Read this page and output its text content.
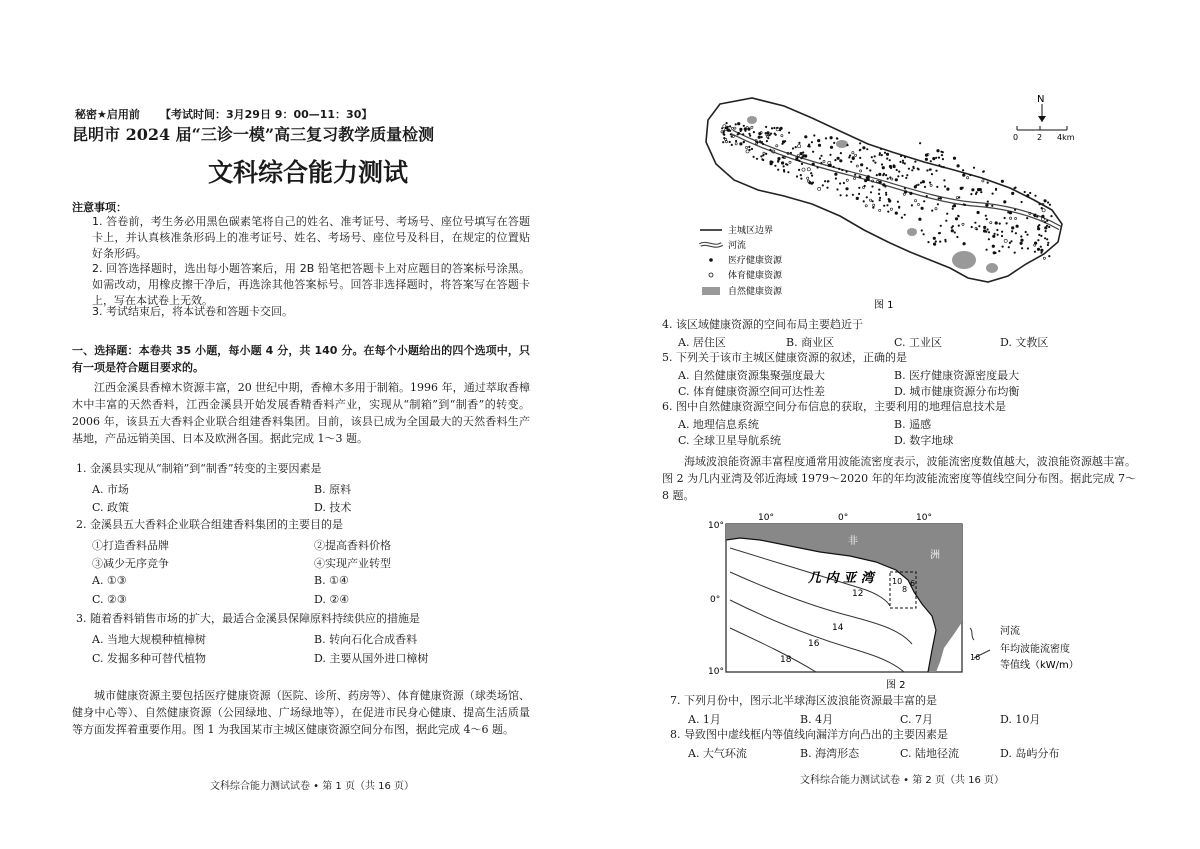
秘密★启用前 【考试时间：3月29日 9：00—11：30】
昆明市 2024 届“三诊一模”高三复习教学质量检测
文科综合能力测试
注意事项：
1. 答卷前，考生务必用黑色碳素笔将自己的姓名、准考证号、考场号、座位号填写在答题卡上，并认真核准条形码上的准考证号、姓名、考场号、座位号及科目，在规定的位置贴好条形码。
2. 回答选择题时，选出每小题答案后，用 2B 铅笔把答题卡上对应题目的答案标号涂黑。如需改动，用橡皮擦干净后，再选涂其他答案标号。回答非选择题时，将答案写在答题卡上，写在本试卷上无效。
3. 考试结束后，将本试卷和答题卡交回。
一、选择题：本卷共 35 小题，每小题 4 分，共 140 分。在每个小题给出的四个选项中，只有一项是符合题目要求的。
江西金溪县香樟木资源丰富，20 世纪中期，香樟木多用于制箱。1996 年，通过萃取香樟木中丰富的天然香料，江西金溪县开始发展香精香料产业，实现从“制箱”到“制香”的转变。2006 年，该县五大香料企业联合组建香料集团。目前，该县已成为全国最大的天然香料生产基地，产品远销美国、日本及欧洲各国。据此完成 1～3 题。
1. 金溪县实现从“制箱”到“制香”转变的主要因素是
A. 市场	B. 原料
C. 政策	D. 技术
2. 金溪县五大香料企业联合组建香料集团的主要目的是
①打造香料品牌	②提高香料价格
③减少无序竞争	④实现产业转型
A. ①③	B. ①④
C. ②③	D. ②④
3. 随着香料销售市场的扩大，最适合金溪县保障原料持续供应的措施是
A. 当地大规模种植樟树	B. 转向石化合成香料
C. 发掘多种可替代植物	D. 主要从国外进口樟树
城市健康资源主要包括医疗健康资源（医院、诊所、药房等）、体育健康资源（球类场馆、健身中心等）、自然健康资源（公园绿地、广场绿地等），在促进市民身心健康、提高生活质量等方面发挥着重要作用。图 1 为我国某市主城区健康资源空间分布图，据此完成 4～6 题。
文科综合能力测试试卷 • 第 1 页（共 16 页）
N
0 2 4km
主城区边界
河流
医疗健康资源
体育健康资源
自然健康资源
图 1
4. 该区域健康资源的空间布局主要趋近于
A. 居住区	B. 商业区	C. 工业区	D. 文教区
5. 下列关于该市主城区健康资源的叙述，正确的是
A. 自然健康资源集聚强度最大	B. 医疗健康资源密度最大
C. 体育健康资源空间可达性差	D. 城市健康资源分布均衡
6. 图中自然健康资源空间分布信息的获取，主要利用的地理信息技术是
A. 地理信息系统	B. 遥感
C. 全球卫星导航系统	D. 数字地球
海域波浪能资源丰富程度通常用波能流密度表示，波能流密度数值越大，波浪能资源越丰富。图 2 为几内亚湾及邻近海域 1979～2020 年的年均波能流密度等值线空间分布图。据此完成 7～8 题。
10°	0°	10°
10°
0°
10°
非
洲
几 内 亚 湾
12
14
16
18
10
8
6
河流
16
年均波能流密度
等值线（kW/m）
图 2
7. 下列月份中，图示北半球海区波浪能资源最丰富的是
A. 1月	B. 4月	C. 7月	D. 10月
8. 导致图中虚线框内等值线向漏洋方向凸出的主要因素是
A. 大气环流	B. 海湾形态	C. 陆地径流	D. 岛屿分布
文科综合能力测试试卷 • 第 2 页（共 16 页）
